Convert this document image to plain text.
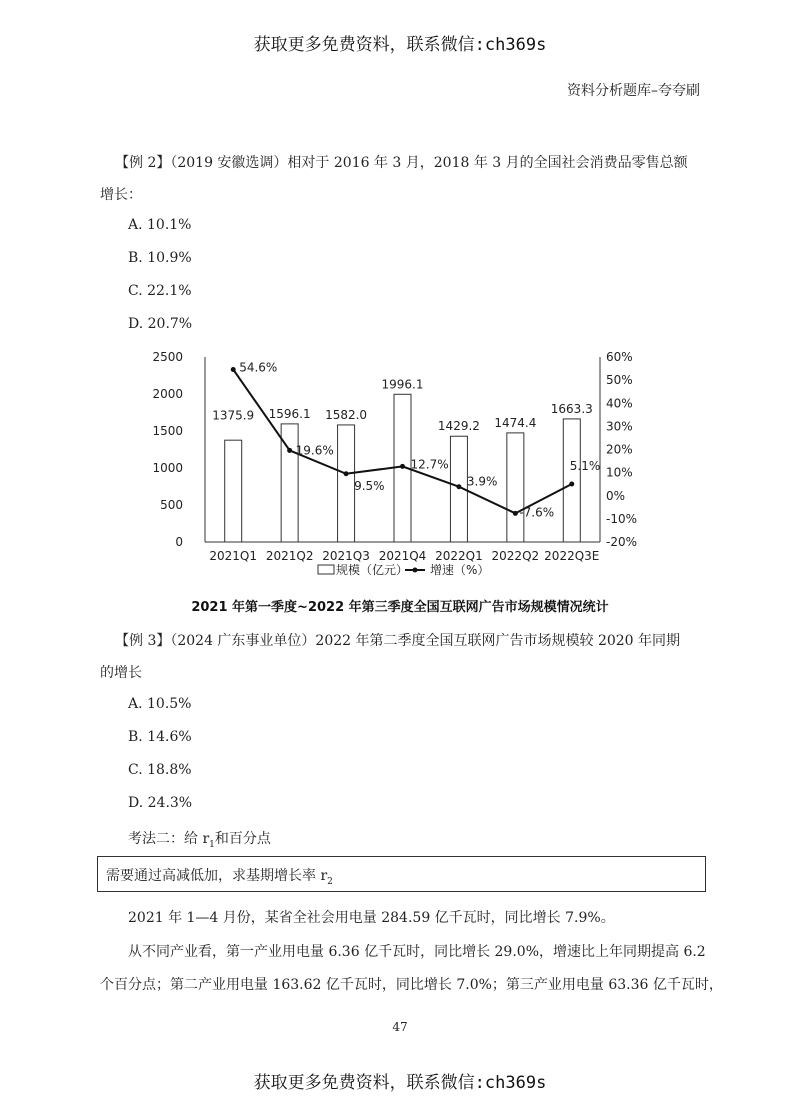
获取更多免费资料，联系微信:ch369s
资料分析题库–夸夸刷
【例 2】（2019 安徽选调）相对于 2016 年 3 月，2018 年 3 月的全国社会消费品零售总额
增长：
A. 10.1%
B. 10.9%
C. 22.1%
D. 20.7%
0
500
1000
1500
2000
2500
-20%
-10%
0%
10%
20%
30%
40%
50%
60%
2021Q1 2021Q2 2021Q3 2021Q4 2022Q1 2022Q2 2022Q3E
1375.9 1596.1 1582.0
1996.1
1429.2 1474.4
1663.3
54.6%
19.6%
9.5%
12.7%
3.9%
-7.6%
5.1%
规模（亿元） 增速（%）
2021 年第一季度~2022 年第三季度全国互联网广告市场规模情况统计
【例 3】（2024 广东事业单位）2022 年第二季度全国互联网广告市场规模较 2020 年同期
的增长
A. 10.5%
B. 14.6%
C. 18.8%
D. 24.3%
考法二：给 $r_1$和百分点
需要通过高减低加，求基期增长率 $r_2$
2021 年 1—4 月份，某省全社会用电量 284.59 亿千瓦时，同比增长 7.9%。
从不同产业看，第一产业用电量 6.36 亿千瓦时，同比增长 29.0%，增速比上年同期提高 6.2
个百分点；第二产业用电量 163.62 亿千瓦时，同比增长 7.0%；第三产业用电量 63.36 亿千瓦时，
47
获取更多免费资料，联系微信:ch369s
